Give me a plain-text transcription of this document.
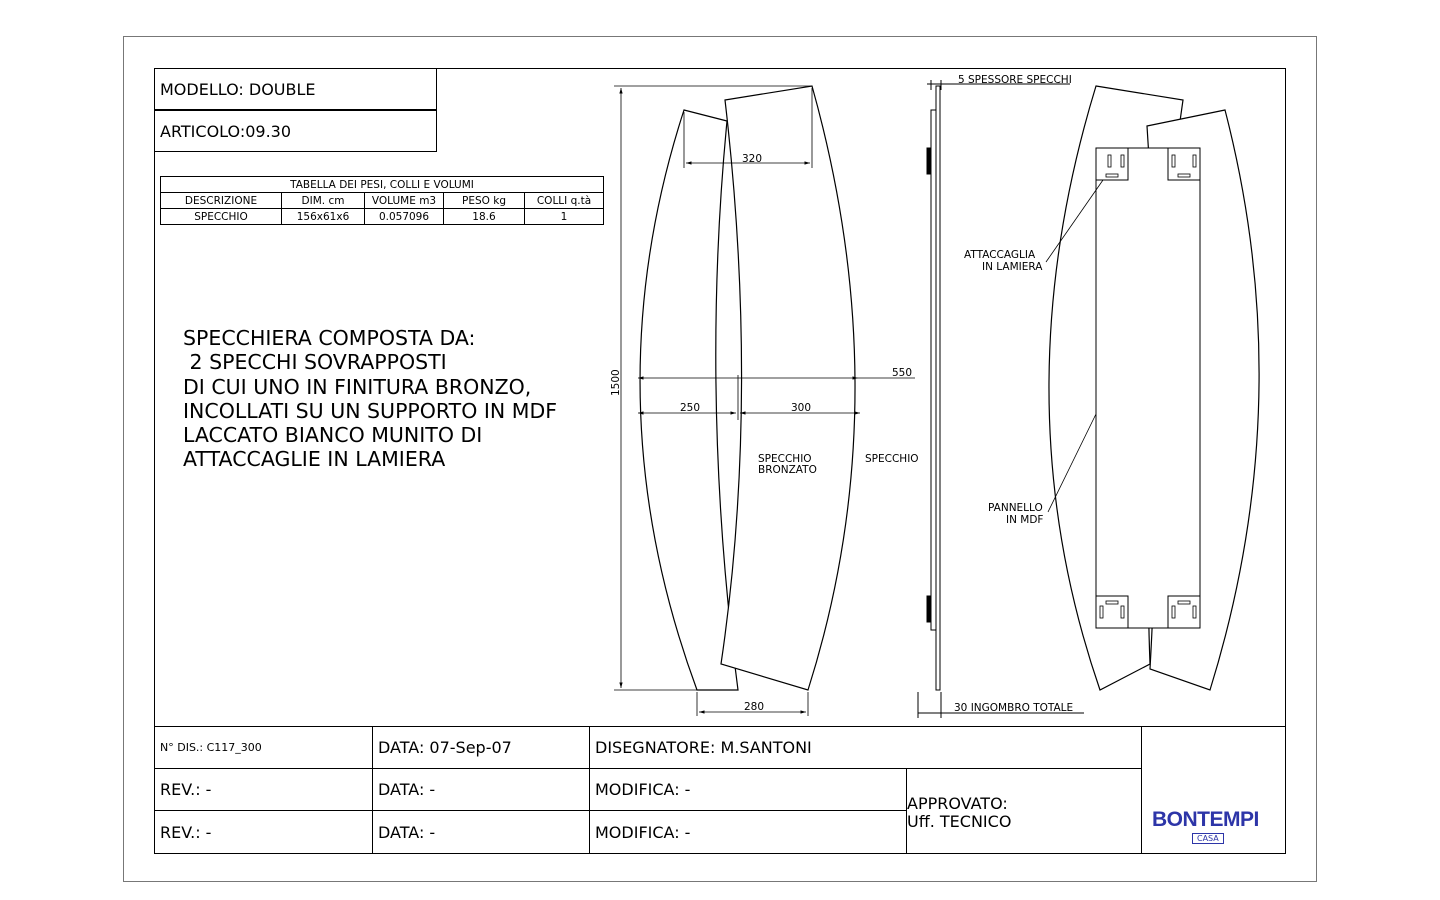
MODELLO: DOUBLE
ARTICOLO:09.30
TABELLA DEI PESI, COLLI E VOLUMI				
DESCRIZIONE	DIM. cm	VOLUME m3	PESO kg	COLLI q.tà
SPECCHIO	156x61x6	0.057096	18.6	1
SPECCHIERA COMPOSTA DA:
2 SPECCHI SOVRAPPOSTI
DI CUI UNO IN FINITURA BRONZO,
INCOLLATI SU UN SUPPORTO IN MDF
LACCATO BIANCO MUNITO DI
ATTACCAGLIE IN LAMIERA
320
1500	550
250	300
280
SPECCHIO
BRONZATO
SPECCHIO
5 SPESSORE SPECCHI
30 INGOMBRO TOTALE
ATTACCAGLIA
IN LAMIERA
PANNELLO
IN MDF
N° DIS.: C117_300	DATA: 07-Sep-07	DISEGNATORE: M.SANTONI
REV.: -	DATA: -	MODIFICA: -
REV.: -	DATA: -	MODIFICA: -
APPROVATO:
Uff. TECNICO	BONTEMPI
CASA
